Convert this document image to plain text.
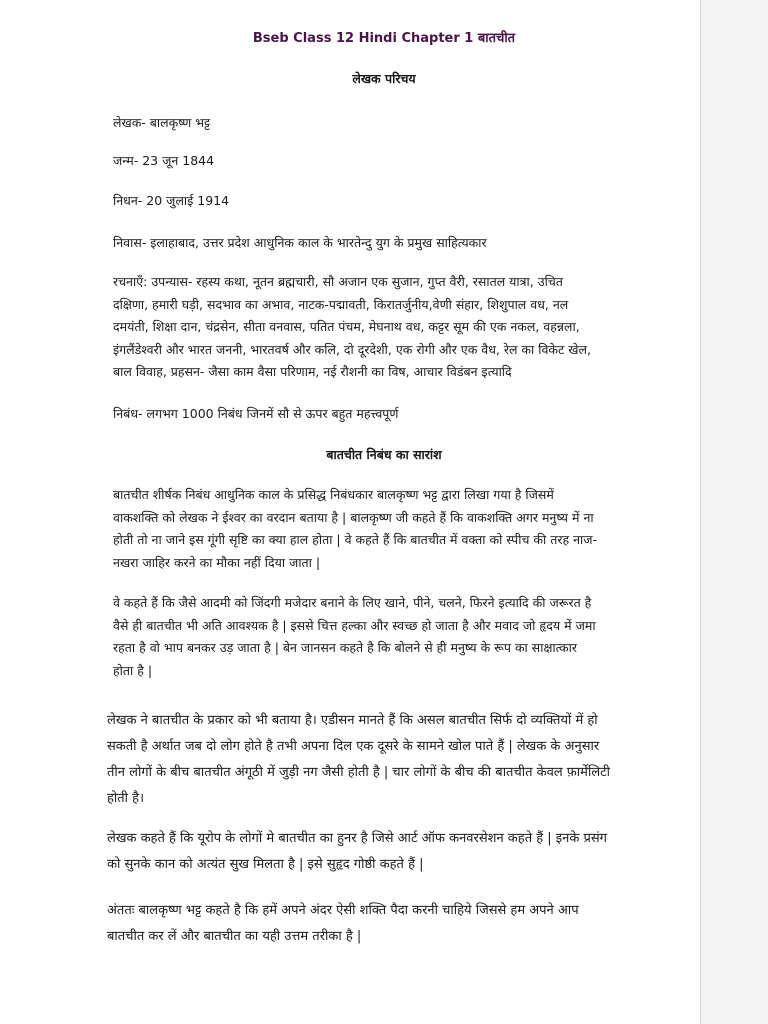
Bseb Class 12 Hindi Chapter 1 बातचीत
लेखक परिचय
लेखक- बालकृष्ण भट्ट
जन्म- 23 जून 1844
निधन- 20 जुलाई 1914
निवास- इलाहाबाद, उत्तर प्रदेश आधुनिक काल के भारतेन्दु युग के प्रमुख साहित्यकार
रचनाएँ: उपन्यास- रहस्य कथा, नूतन ब्रह्मचारी, सौ अजान एक सुजान, गुप्त वैरी, रसातल यात्रा, उचित
दक्षिणा, हमारी घड़ी, सदभाव का अभाव, नाटक-पद्मावती, किरातर्जुनीय,वेणी संहार, शिशुपाल वध, नल
दमयंती, शिक्षा दान, चंद्रसेन, सीता वनवास, पतित पंचम, मेघनाथ वध, कट्टर सूम की एक नकल, वहन्नला,
इंगलैंडेश्वरी और भारत जननी, भारतवर्ष और कलि, दो दूरदेशी, एक रोगी और एक वैध, रेल का विकेट खेल,
बाल विवाह, प्रहसन- जैसा काम वैसा परिणाम, नई रौशनी का विष, आचार विडंबन इत्यादि
निबंध- लगभग 1000 निबंध जिनमें सौ से ऊपर बहुत महत्त्वपूर्ण
बातचीत निबंध का सारांश
बातचीत शीर्षक निबंध आधुनिक काल के प्रसिद्ध निबंधकार बालकृष्ण भट्ट द्वारा लिखा गया है जिसमें
वाकशक्ति को लेखक ने ईश्वर का वरदान बताया है | बालकृष्ण जी कहते हैं कि वाकशक्ति अगर मनुष्य में ना
होती तो ना जाने इस गूंगी सृष्टि का क्या हाल होता | वे कहते हैं कि बातचीत में वक्ता को स्पीच की तरह नाज-
नखरा जाहिर करने का मौका नहीं दिया जाता |
वे कहते हैं कि जैसे आदमी को जिंदगी मजेदार बनाने के लिए खाने, पीने, चलने, फिरने इत्यादि की जरूरत है
वैसे ही बातचीत भी अति आवश्यक है | इससे चित्त हल्का और स्वच्छ हो जाता है और मवाद जो हृदय में जमा
रहता है वो भाप बनकर उड़ जाता है | बेन जानसन कहते है कि बोलने से ही मनुष्य के रूप का साक्षात्कार
होता है |
लेखक ने बातचीत के प्रकार को भी बताया है। एडीसन मानते हैं कि असल बातचीत सिर्फ दो व्यक्तियों में हो
सकती है अर्थात जब दो लोग होते है तभी अपना दिल एक दूसरे के सामने खोल पाते हैं | लेखक के अनुसार
तीन लोगों के बीच बातचीत अंगूठी में जुड़ी नग जैसी होती है | चार लोगों के बीच की बातचीत केवल फ़ार्मेलिटी
होती है।
लेखक कहते हैं कि यूरोप के लोगों मे बातचीत का हुनर है जिसे आर्ट ऑफ कनवरसेशन कहते हैं | इनके प्रसंग
को सुनके कान को अत्यंत सुख मिलता है | इसे सुहृद गोष्ठी कहते हैं |
अंततः बालकृष्ण भट्ट कहते है कि हमें अपने अंदर ऐसी शक्ति पैदा करनी चाहिये जिससे हम अपने आप
बातचीत कर लें और बातचीत का यही उत्तम तरीका है |
